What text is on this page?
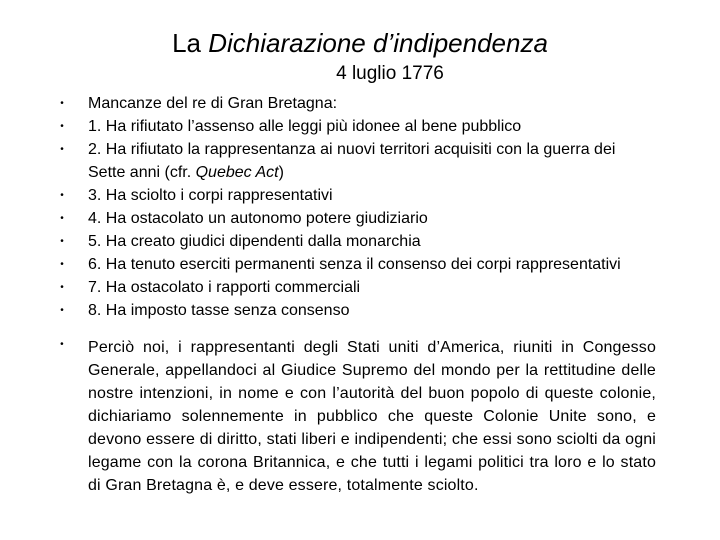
La Dichiarazione d’indipendenza
4 luglio 1776
• Mancanze del re di Gran Bretagna:
• 1. Ha rifiutato l’assenso alle leggi più idonee al bene pubblico
• 2. Ha rifiutato la rappresentanza ai nuovi territori acquisiti con la guerra dei Sette anni (cfr. Quebec Act)
• 3. Ha sciolto i corpi rappresentativi
• 4. Ha ostacolato un autonomo potere giudiziario
• 5. Ha creato giudici dipendenti dalla monarchia
• 6. Ha tenuto eserciti permanenti senza il consenso dei corpi rappresentativi
• 7. Ha ostacolato i rapporti commerciali
• 8. Ha imposto tasse senza consenso
• Perciò noi, i rappresentanti degli Stati uniti d’America, riuniti in Congesso Generale, appellandoci al Giudice Supremo del mondo per la rettitudine delle nostre intenzioni, in nome e con l’autorità del buon popolo di queste colonie, dichiariamo solennemente in pubblico che queste Colonie Unite sono, e devono essere di diritto, stati liberi e indipendenti; che essi sono sciolti da ogni legame con la corona Britannica, e che tutti i legami politici tra loro e lo stato di Gran Bretagna è, e deve essere, totalmente sciolto.
